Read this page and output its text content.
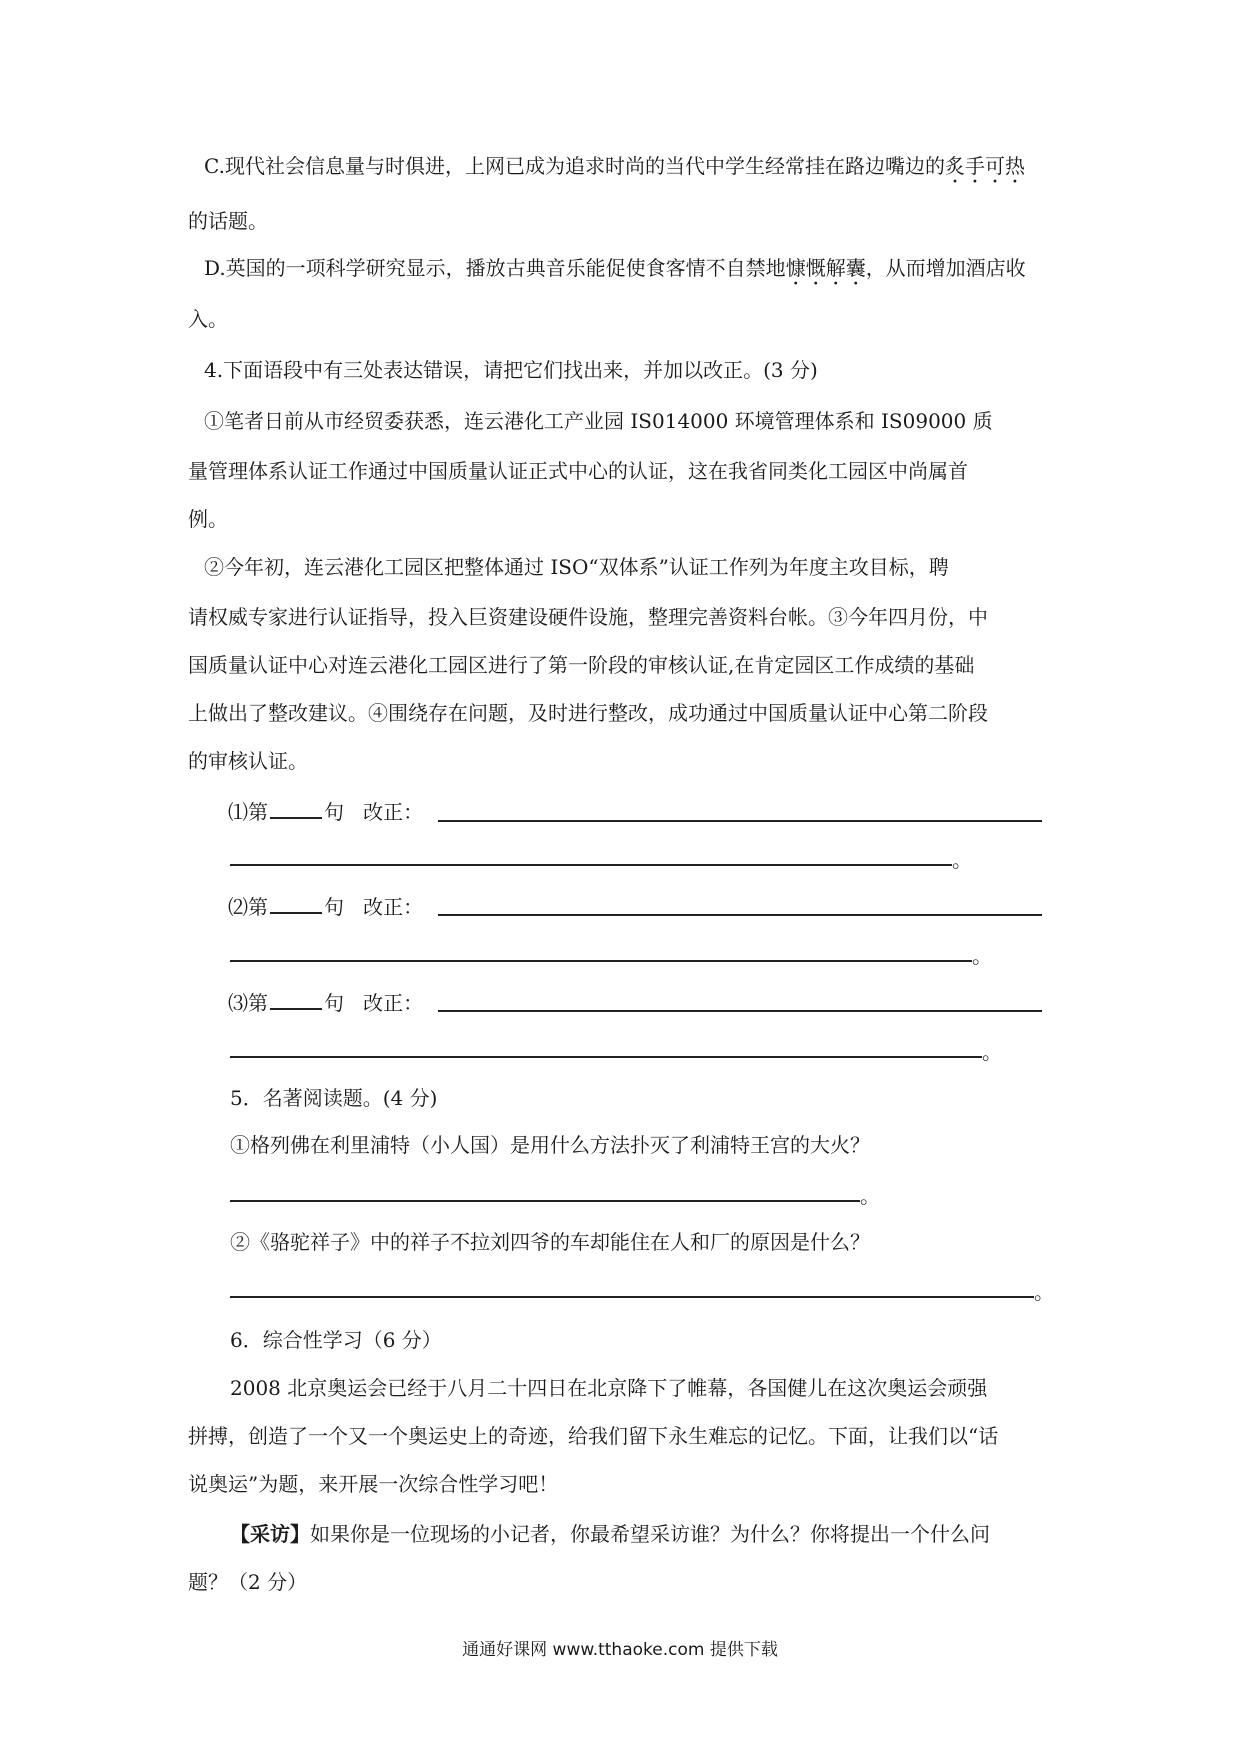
C.现代社会信息量与时俱进，上网已成为追求时尚的当代中学生经常挂在路边嘴边的炙手可热
的话题。
D.英国的一项科学研究显示，播放古典音乐能促使食客情不自禁地慷慨解囊，从而增加酒店收
入。
4.下面语段中有三处表达错误，请把它们找出来，并加以改正。(3 分)
①笔者日前从市经贸委获悉，连云港化工产业园 IS014000 环境管理体系和 IS09000 质
量管理体系认证工作通过中国质量认证正式中心的认证，这在我省同类化工园区中尚属首
例。
②今年初，连云港化工园区把整体通过 ISO“双体系”认证工作列为年度主攻目标，聘
请权威专家进行认证指导，投入巨资建设硬件设施，整理完善资料台帐。③今年四月份，中
国质量认证中心对连云港化工园区进行了第一阶段的审核认证,在肯定园区工作成绩的基础
上做出了整改建议。④围绕存在问题，及时进行整改，成功通过中国质量认证中心第二阶段
的审核认证。
⑴第	句 改正：
。
⑵第	句 改正：
。
⑶第	句 改正：
。
5．名著阅读题。(4 分)
①格列佛在利里浦特（小人国）是用什么方法扑灭了利浦特王宫的大火？
。
②《骆驼祥子》中的祥子不拉刘四爷的车却能住在人和厂的原因是什么？
。
6．综合性学习（6 分）
2008 北京奥运会已经于八月二十四日在北京降下了帷幕，各国健儿在这次奥运会顽强
拼搏，创造了一个又一个奥运史上的奇迹，给我们留下永生难忘的记忆。下面，让我们以“话
说奥运”为题，来开展一次综合性学习吧！
【采访】如果你是一位现场的小记者，你最希望采访谁？为什么？你将提出一个什么问
题？（2 分）
通通好课网 www.tthaoke.com 提供下载
